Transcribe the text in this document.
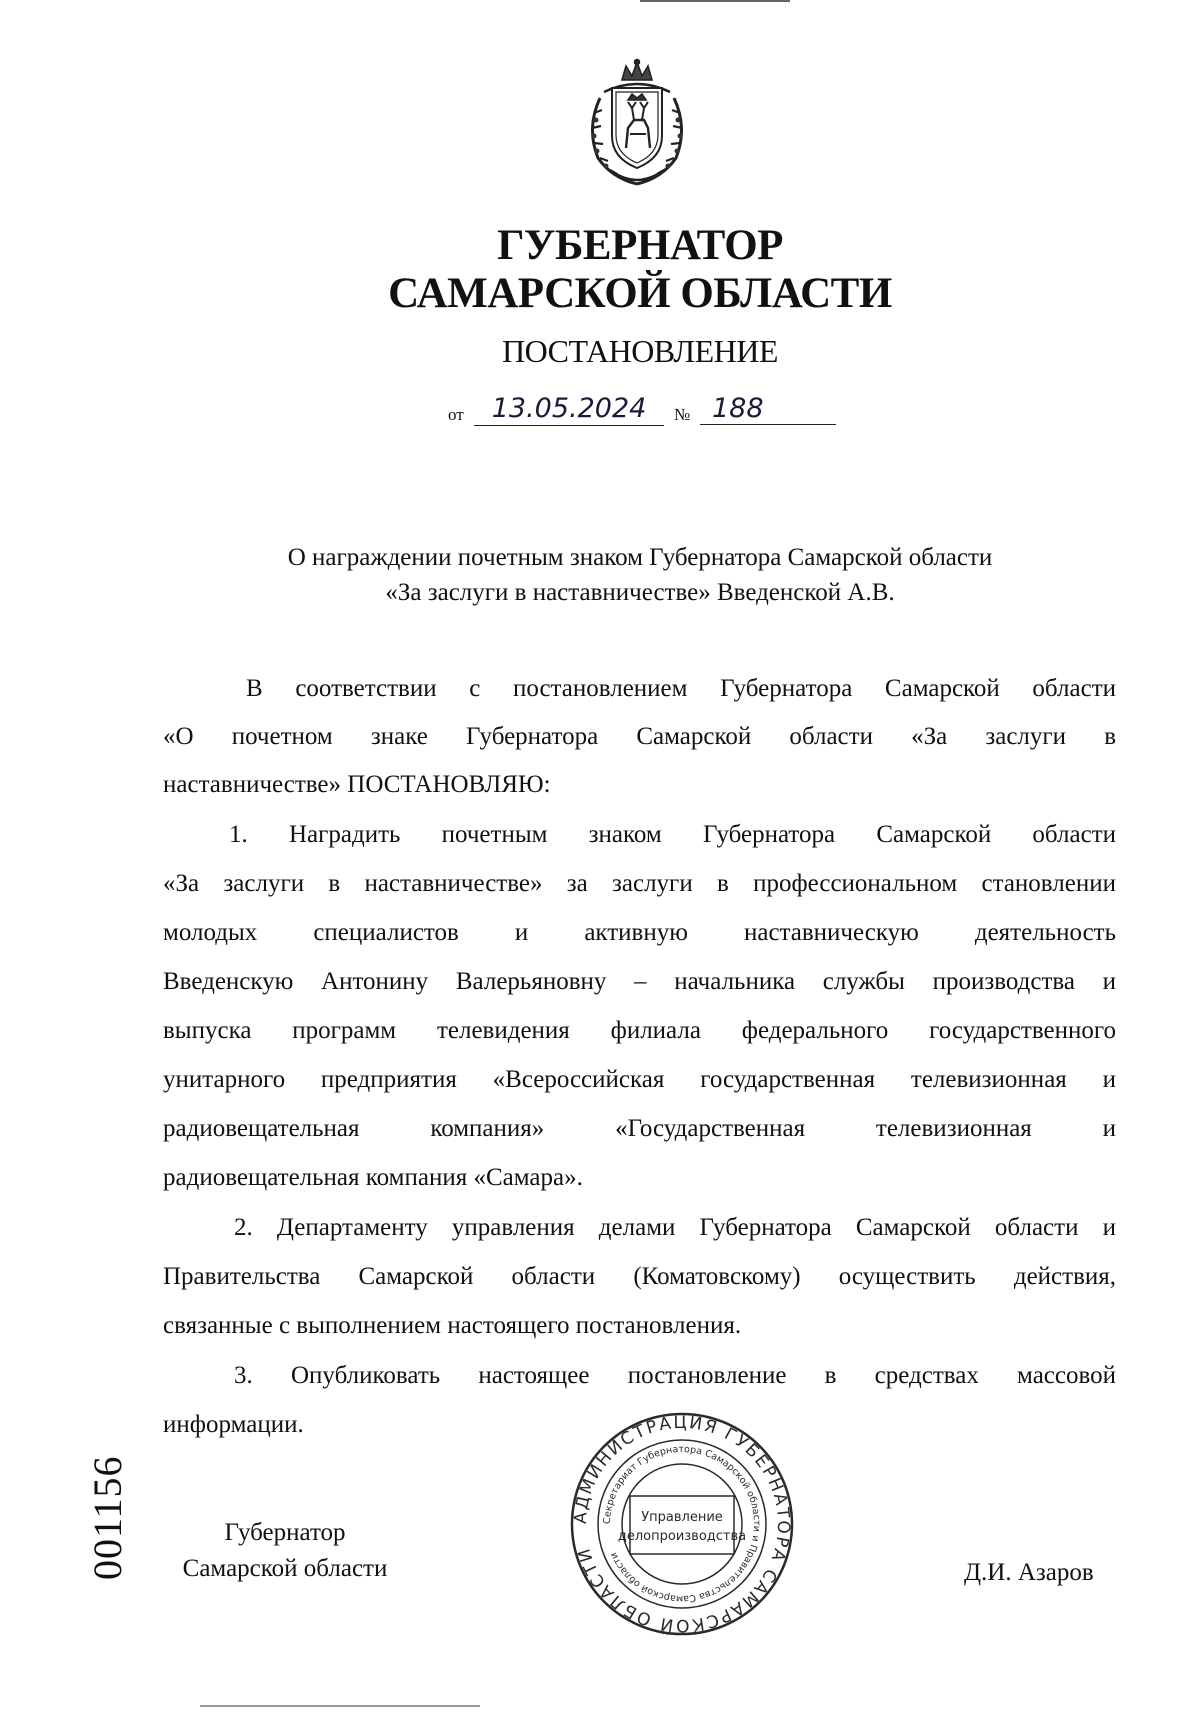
ГУБЕРНАТОР
САМАРСКОЙ ОБЛАСТИ
ПОСТАНОВЛЕНИЕ
от	13.05.2024	№ 188
О награждении почетным знаком Губернатора Самарской области
«За заслуги в наставничестве» Введенской А.В.
В соответствии с постановлением Губернатора Самарской области
«О почетном знаке Губернатора Самарской области «За заслуги в
наставничестве» ПОСТАНОВЛЯЮ:
1. Наградить почетным знаком Губернатора Самарской области
«За заслуги в наставничестве» за заслуги в профессиональном становлении
молодых специалистов и активную наставническую деятельность
Введенскую Антонину Валерьяновну – начальника службы производства и
выпуска программ телевидения филиала федерального государственного
унитарного предприятия «Всероссийская государственная телевизионная и
радиовещательная компания» «Государственная телевизионная и
радиовещательная компания «Самара».
2. Департаменту управления делами Губернатора Самарской области и
Правительства Самарской области (Коматовскому) осуществить действия,
связанные с выполнением настоящего постановления.
3. Опубликовать настоящее постановление в средствах массовой
информации.
001156	Губернатор
Самарской области	Д.И. Азаров
АДМИНИСТРАЦИЯ ГУБЕРНАТОРА САМАРСКОЙ ОБЛАСТИ
Секретариат Губернатора Самарской области и Правительства Самарской области
Управление
делопроизводства
